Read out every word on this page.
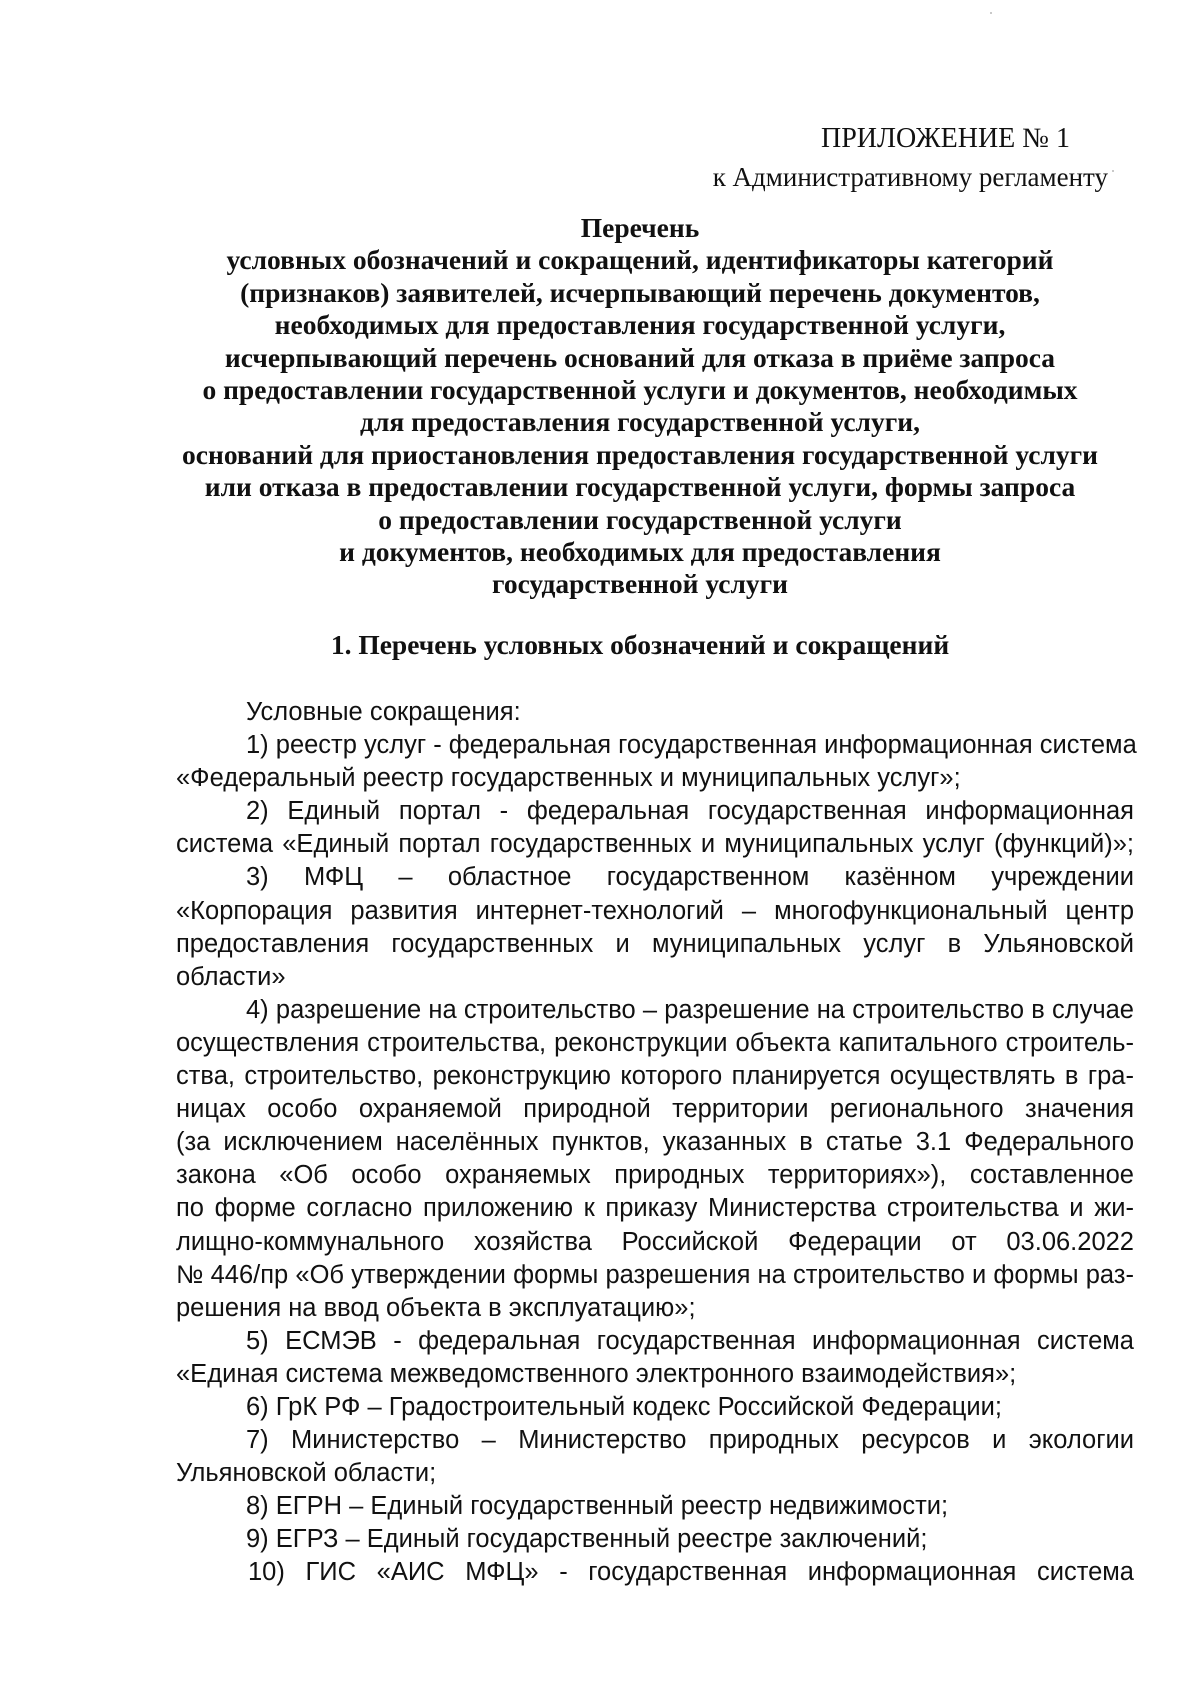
ПРИЛОЖЕНИЕ № 1
к Административному регламенту
Перечень
условных обозначений и сокращений, идентификаторы категорий
(признаков) заявителей, исчерпывающий перечень документов,
необходимых для предоставления государственной услуги,
исчерпывающий перечень оснований для отказа в приёме запроса
о предоставлении государственной услуги и документов, необходимых
для предоставления государственной услуги,
оснований для приостановления предоставления государственной услуги
или отказа в предоставлении государственной услуги, формы запроса
о предоставлении государственной услуги
и документов, необходимых для предоставления
государственной услуги
1. Перечень условных обозначений и сокращений
Условные сокращения:
1) реестр услуг - федеральная государственная информационная система
«Федеральный реестр государственных и муниципальных услуг»;
2) Единый портал - федеральная государственная информационная
система «Единый портал государственных и муниципальных услуг (функций)»;
3) МФЦ – областное государственном казённом учреждении
«Корпорация развития интернет-технологий – многофункциональный центр
предоставления государственных и муниципальных услуг в Ульяновской
области»
4) разрешение на строительство – разрешение на строительство в случае
осуществления строительства, реконструкции объекта капитального строитель-
ства, строительство, реконструкцию которого планируется осуществлять в гра-
ницах особо охраняемой природной территории регионального значения
(за исключением населённых пунктов, указанных в статье 3.1 Федерального
закона «Об особо охраняемых природных территориях»), составленное
по форме согласно приложению к приказу Министерства строительства и жи-
лищно-коммунального хозяйства Российской Федерации от 03.06.2022
№ 446/пр «Об утверждении формы разрешения на строительство и формы раз-
решения на ввод объекта в эксплуатацию»;
5) ЕСМЭВ - федеральная государственная информационная система
«Единая система межведомственного электронного взаимодействия»;
6) ГрК РФ – Градостроительный кодекс Российской Федерации;
7) Министерство – Министерство природных ресурсов и экологии
Ульяновской области;
8) ЕГРН – Единый государственный реестр недвижимости;
9) ЕГРЗ – Единый государственный реестре заключений;
10) ГИС «АИС МФЦ» - государственная информационная система
